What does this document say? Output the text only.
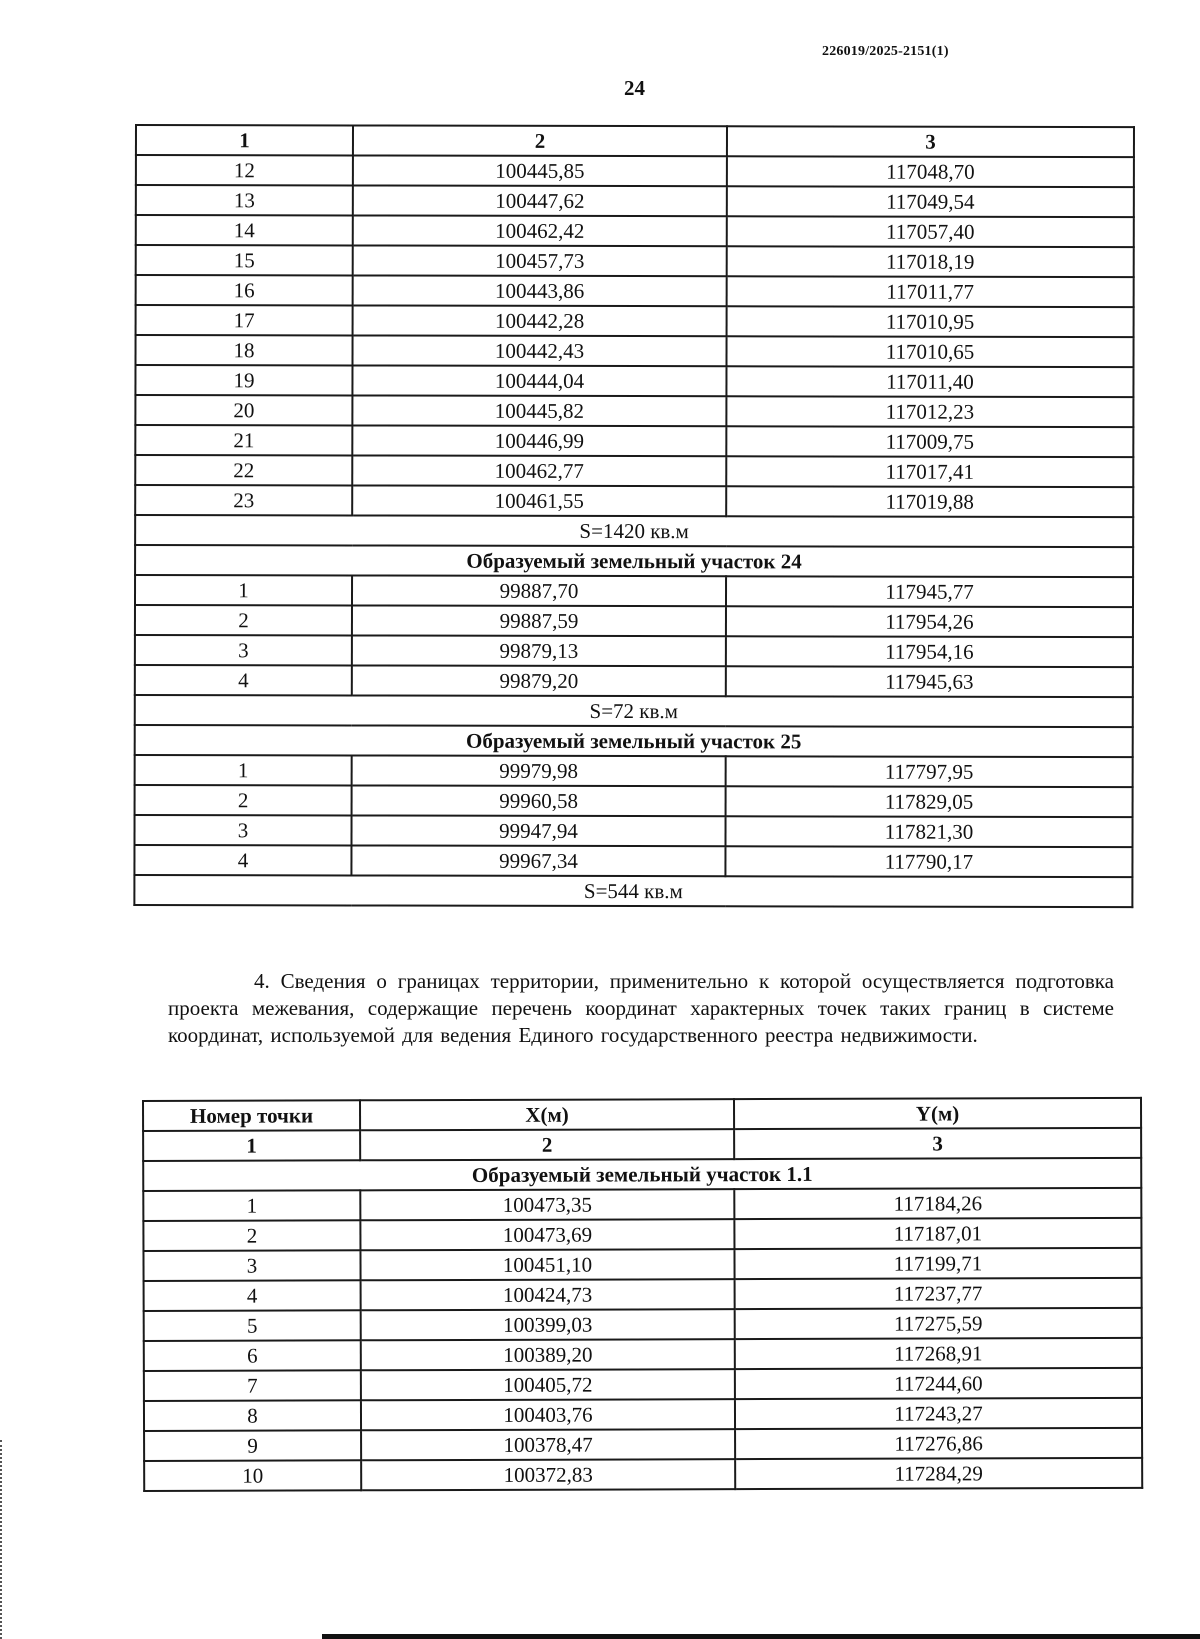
226019/2025-2151(1)
24
1	2	3
12	100445,85	117048,70
13	100447,62	117049,54
14	100462,42	117057,40
15	100457,73	117018,19
16	100443,86	117011,77
17	100442,28	117010,95
18	100442,43	117010,65
19	100444,04	117011,40
20	100445,82	117012,23
21	100446,99	117009,75
22	100462,77	117017,41
23	100461,55	117019,88
S=1420 кв.м		
Образуемый земельный участок 24		
1	99887,70	117945,77
2	99887,59	117954,26
3	99879,13	117954,16
4	99879,20	117945,63
S=72 кв.м		
Образуемый земельный участок 25		
1	99979,98	117797,95
2	99960,58	117829,05
3	99947,94	117821,30
4	99967,34	117790,17
S=544 кв.м		
4. Сведения о границах территории, применительно к которой осуществляется подготовка проекта межевания, содержащие перечень координат характерных точек таких границ в системе координат, используемой для ведения Единого государственного реестра недвижимости.
Номер точки	X(м)	Y(м)
1	2	3
Образуемый земельный участок 1.1		
1	100473,35	117184,26
2	100473,69	117187,01
3	100451,10	117199,71
4	100424,73	117237,77
5	100399,03	117275,59
6	100389,20	117268,91
7	100405,72	117244,60
8	100403,76	117243,27
9	100378,47	117276,86
10	100372,83	117284,29
